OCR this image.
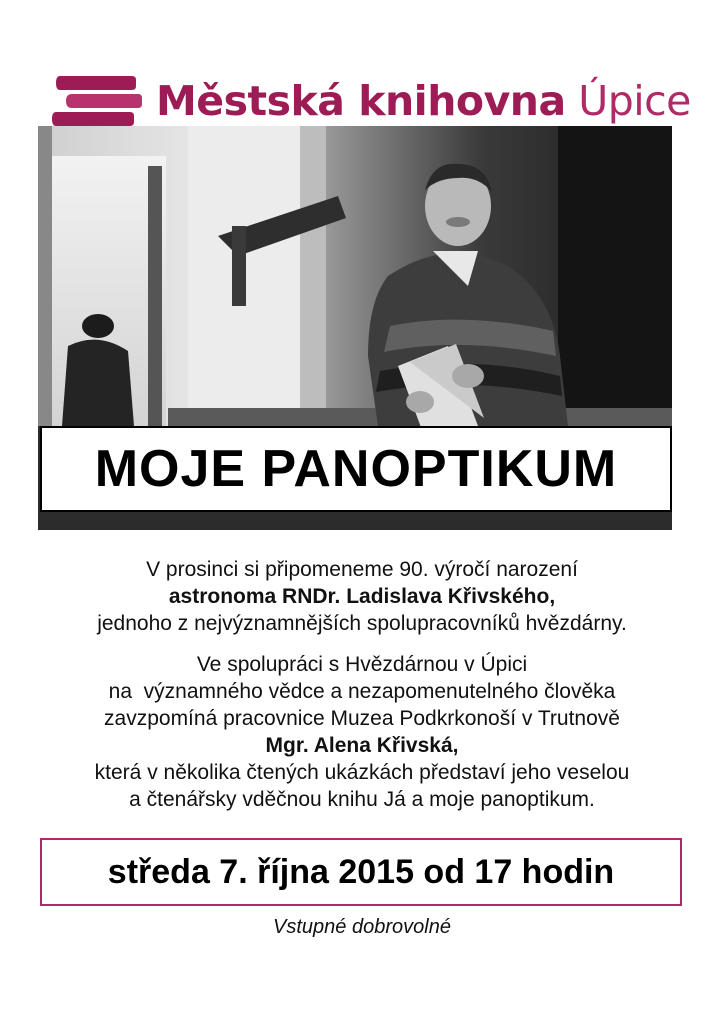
Městská knihovna Úpice
MOJE PANOPTIKUM
V prosinci si připomeneme 90. výročí narození
astronoma RNDr. Ladislava Křivského,
jednoho z nejvýznamnějších spolupracovníků hvězdárny.
Ve spolupráci s Hvězdárnou v Úpici
na  významného vědce a nezapomenutelného člověka
zavzpomíná pracovnice Muzea Podkrkonoší v Trutnově
Mgr. Alena Křivská,
která v několika čtených ukázkách představí jeho veselou
a čtenářsky vděčnou knihu Já a moje panoptikum.
středa 7. října 2015 od 17 hodin
Vstupné dobrovolné
